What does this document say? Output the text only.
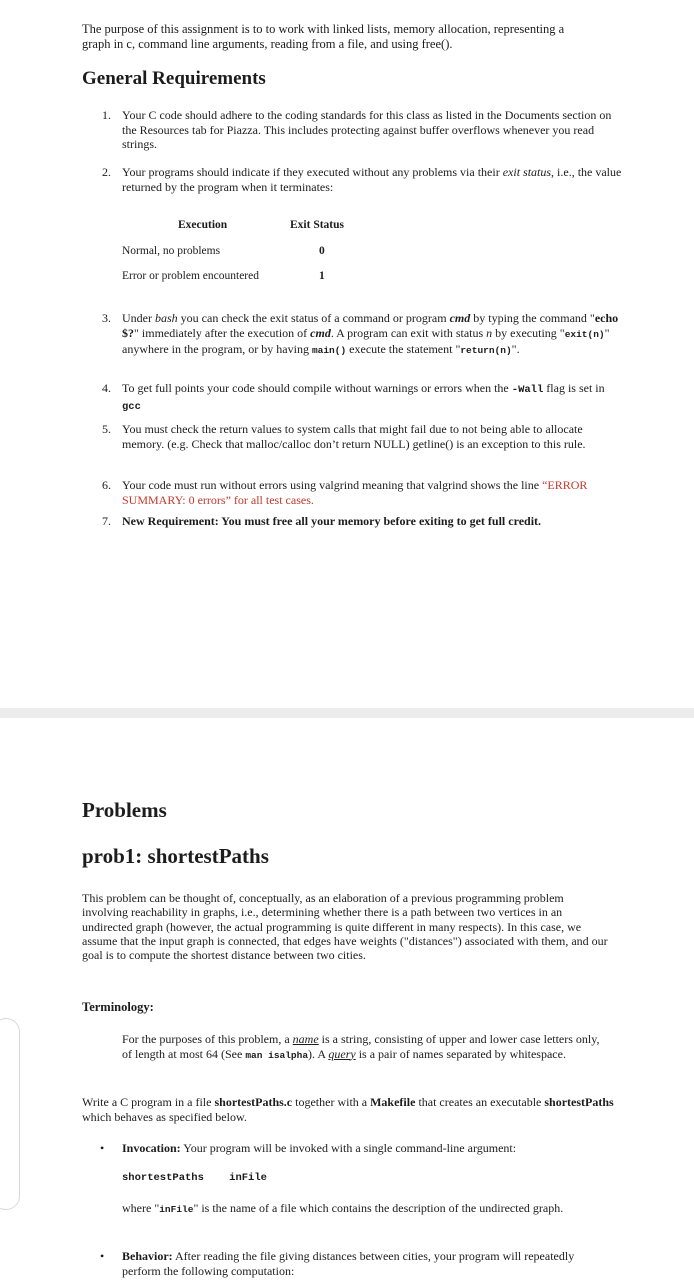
The purpose of this assignment is to to work with linked lists, memory allocation, representing a
graph in c, command line arguments, reading from a file, and using free().
General Requirements
1. Your C code should adhere to the coding standards for this class as listed in the Documents section on the Resources tab for Piazza. This includes protecting against buffer overflows whenever you read strings.
2. Your programs should indicate if they executed without any problems via their exit status, i.e., the value returned by the program when it terminates:
Execution	Exit Status
Normal, no problems	0
Error or problem encountered	1
3. Under bash you can check the exit status of a command or program cmd by typing the command "echo $?" immediately after the execution of cmd. A program can exit with status n by executing "exit(n)" anywhere in the program, or by having main() execute the statement "return(n)".
4. To get full points your code should compile without warnings or errors when the -Wall flag is set in gcc
5. You must check the return values to system calls that might fail due to not being able to allocate memory. (e.g. Check that malloc/calloc don’t return NULL) getline() is an exception to this rule.
6. Your code must run without errors using valgrind meaning that valgrind shows the line “ERROR SUMMARY: 0 errors” for all test cases.
7. New Requirement: You must free all your memory before exiting to get full credit.
Problems
prob1: shortestPaths
This problem can be thought of, conceptually, as an elaboration of a previous programming problem involving reachability in graphs, i.e., determining whether there is a path between two vertices in an undirected graph (however, the actual programming is quite different in many respects). In this case, we assume that the input graph is connected, that edges have weights ("distances") associated with them, and our goal is to compute the shortest distance between two cities.
Terminology:
For the purposes of this problem, a name is a string, consisting of upper and lower case letters only, of length at most 64 (See man isalpha). A query is a pair of names separated by whitespace.
Write a C program in a file shortestPaths.c together with a Makefile that creates an executable shortestPaths which behaves as specified below.
•	Invocation: Your program will be invoked with a single command-line argument:
shortestPaths inFile
where "inFile" is the name of a file which contains the description of the undirected graph.
•	Behavior: After reading the file giving distances between cities, your program will repeatedly perform the following computation:
